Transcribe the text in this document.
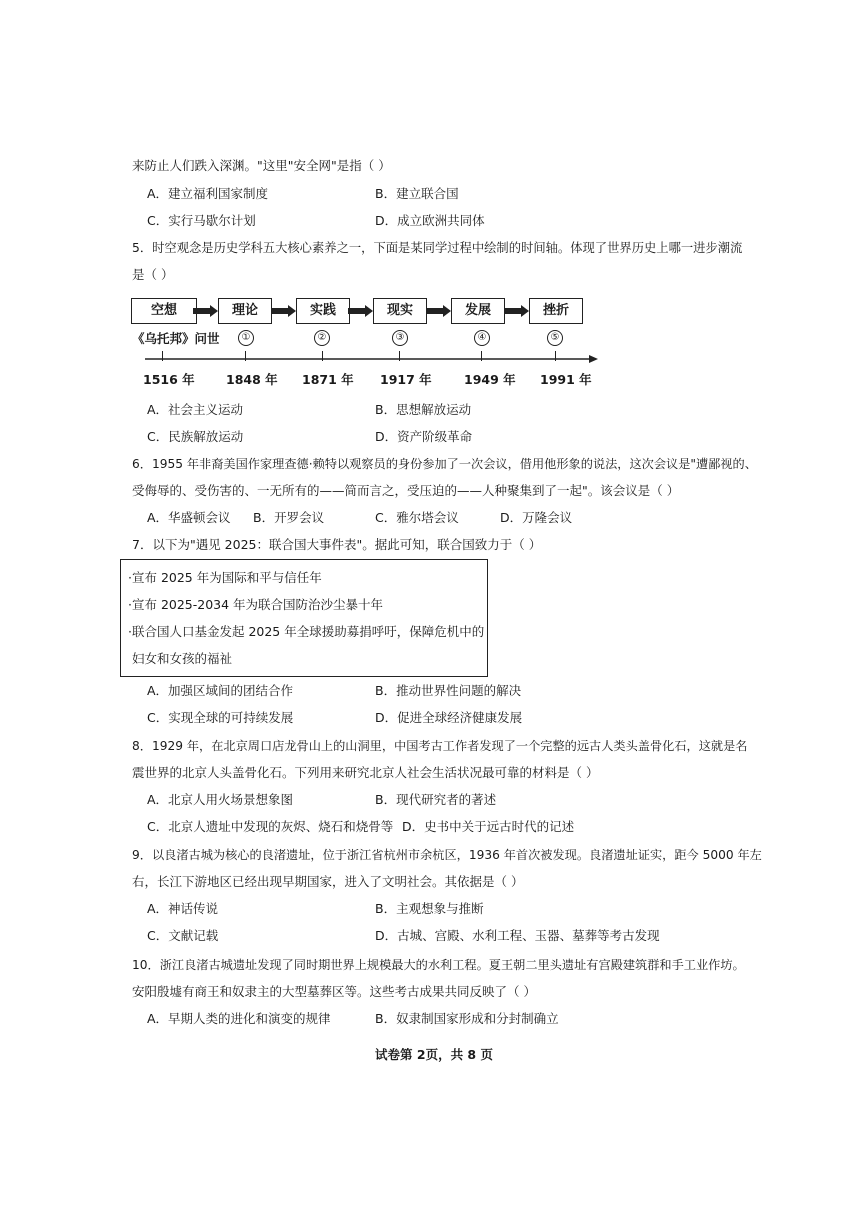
来防止人们跌入深渊。"这里"安全网"是指（ ）
A．建立福利国家制度	B．建立联合国
C．实行马歇尔计划	D．成立欧洲共同体
5．时空观念是历史学科五大核心素养之一，下面是某同学过程中绘制的时间轴。体现了世界历史上哪一进步潮流
是（ ）
空想	理论	实践	现实	发展	挫折
《乌托邦》问世	①	②	③	④	⑤
1516 年	1848 年 1871 年 1917 年	1949 年 1991 年
A．社会主义运动	B．思想解放运动
C．民族解放运动	D．资产阶级革命
6．1955 年非裔美国作家理查德·赖特以观察员的身份参加了一次会议，借用他形象的说法，这次会议是"遭鄙视的、
受侮辱的、受伤害的、一无所有的——简而言之，受压迫的——人种聚集到了一起"。该会议是（ ）
A．华盛顿会议 B．开罗会议	C．雅尔塔会议	D．万隆会议
7．以下为"遇见 2025：联合国大事件表"。据此可知，联合国致力于（ ）
·宣布 2025 年为国际和平与信任年
·宣布 2025-2034 年为联合国防治沙尘暴十年
·联合国人口基金发起 2025 年全球援助募捐呼吁，保障危机中的
妇女和女孩的福祉
A．加强区域间的团结合作	B．推动世界性问题的解决
C．实现全球的可持续发展	D．促进全球经济健康发展
8．1929 年，在北京周口店龙骨山上的山洞里，中国考古工作者发现了一个完整的远古人类头盖骨化石，这就是名
震世界的北京人头盖骨化石。下列用来研究北京人社会生活状况最可靠的材料是（ ）
A．北京人用火场景想象图	B．现代研究者的著述
C．北京人遗址中发现的灰烬、烧石和烧骨等 D．史书中关于远古时代的记述
9．以良渚古城为核心的良渚遗址，位于浙江省杭州市余杭区，1936 年首次被发现。良渚遗址证实，距今 5000 年左
右，长江下游地区已经出现早期国家，进入了文明社会。其依据是（ ）
A．神话传说	B．主观想象与推断
C．文献记载	D．古城、宫殿、水利工程、玉器、墓葬等考古发现
10．浙江良渚古城遗址发现了同时期世界上规模最大的水利工程。夏王朝二里头遗址有宫殿建筑群和手工业作坊。
安阳殷墟有商王和奴隶主的大型墓葬区等。这些考古成果共同反映了（ ）
A．早期人类的进化和演变的规律	B．奴隶制国家形成和分封制确立
试卷第 2页，共 8 页
